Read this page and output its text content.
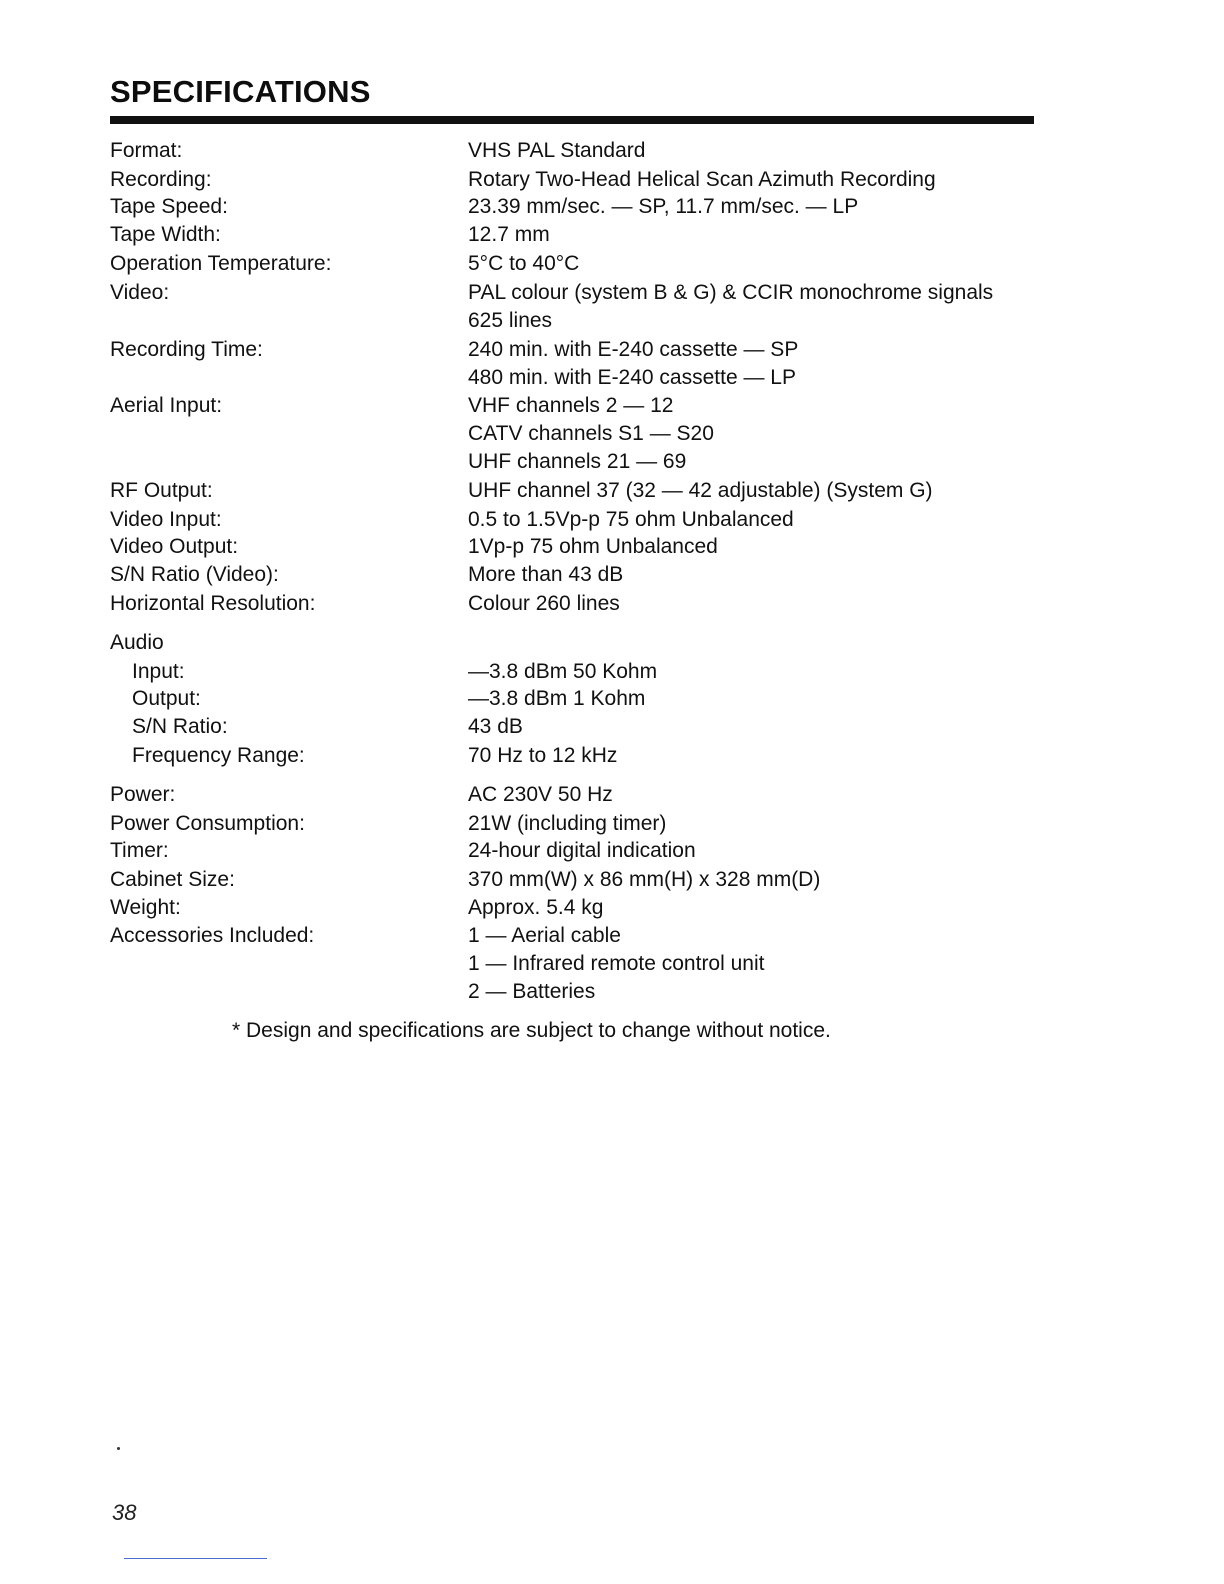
SPECIFICATIONS
Format:	VHS PAL Standard
Recording:	Rotary Two-Head Helical Scan Azimuth Recording
Tape Speed:	23.39 mm/sec. — SP, 11.7 mm/sec. — LP
Tape Width:	12.7 mm
Operation Temperature:	5°C to 40°C
Video:	PAL colour (system B & G) & CCIR monochrome signals
625 lines
Recording Time:	240 min. with E-240 cassette — SP
480 min. with E-240 cassette — LP
Aerial Input:	VHF channels 2 — 12
CATV channels S1 — S20
UHF channels 21 — 69
RF Output:	UHF channel 37 (32 — 42 adjustable) (System G)
Video Input:	0.5 to 1.5Vp-p 75 ohm Unbalanced
Video Output:	1Vp-p 75 ohm Unbalanced
S/N Ratio (Video):	More than 43 dB
Horizontal Resolution:	Colour 260 lines
Audio
Input:	—3.8 dBm 50 Kohm
Output:	—3.8 dBm 1 Kohm
S/N Ratio:	43 dB
Frequency Range:	70 Hz to 12 kHz
Power:	AC 230V 50 Hz
Power Consumption:	21W (including timer)
Timer:	24-hour digital indication
Cabinet Size:	370 mm(W) x 86 mm(H) x 328 mm(D)
Weight:	Approx. 5.4 kg
Accessories Included:	1 — Aerial cable
1 — Infrared remote control unit
2 — Batteries
* Design and specifications are subject to change without notice.
38
